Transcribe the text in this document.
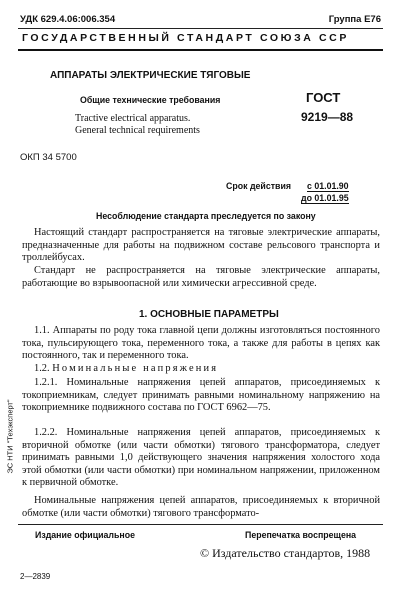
УДК 629.4.06:006.354	Группа Е76
ГОСУДАРСТВЕННЫЙ СТАНДАРТ СОЮЗА ССР
АППАРАТЫ ЭЛЕКТРИЧЕСКИЕ ТЯГОВЫЕ
Общие технические требования
Tractive electrical apparatus.
General technical requirements
ГОСТ
9219—88
ОКП 34 5700
Срок действия с 01.01.90
до 01.01.95
Несоблюдение стандарта преследуется по закону

Настоящий стандарт распространяется на тяговые электрические аппараты, предназначенные для работы на подвижном составе рельсового транспорта и троллейбусах.

Стандарт не распространяется на тяговые электрические аппараты, работающие во взрывоопасной или химически агрессивной среде.

1. ОСНОВНЫЕ ПАРАМЕТРЫ

1.1. Аппараты по роду тока главной цепи должны изготовляться постоянного тока, пульсирующего тока, переменного тока, а также для работы в цепях как постоянного, так и переменного тока.

1.2. Номинальные напряжения

1.2.1. Номинальные напряжения цепей аппаратов, присоединяемых к токоприемникам, следует принимать равными номинальному напряжению на токоприемнике подвижного состава по ГОСТ 6962—75.

1.2.2. Номинальные напряжения цепей аппаратов, присоединяемых к вторичной обмотке (или части обмотки) тягового трансформатора, следует принимать равными 1,0 действующего значения напряжения холостого хода этой обмотки (или части обмотки) при номинальном напряжении, приложенном к первичной обмотке.

Номинальные напряжения цепей аппаратов, присоединяемых к вторичной обмотке (или части обмотки) тягового трансформато-

Издание официальное	Перепечатка воспрещена
© Издательство стандартов, 1988
2—2839
ЭС НТИ "Техэксперт"
